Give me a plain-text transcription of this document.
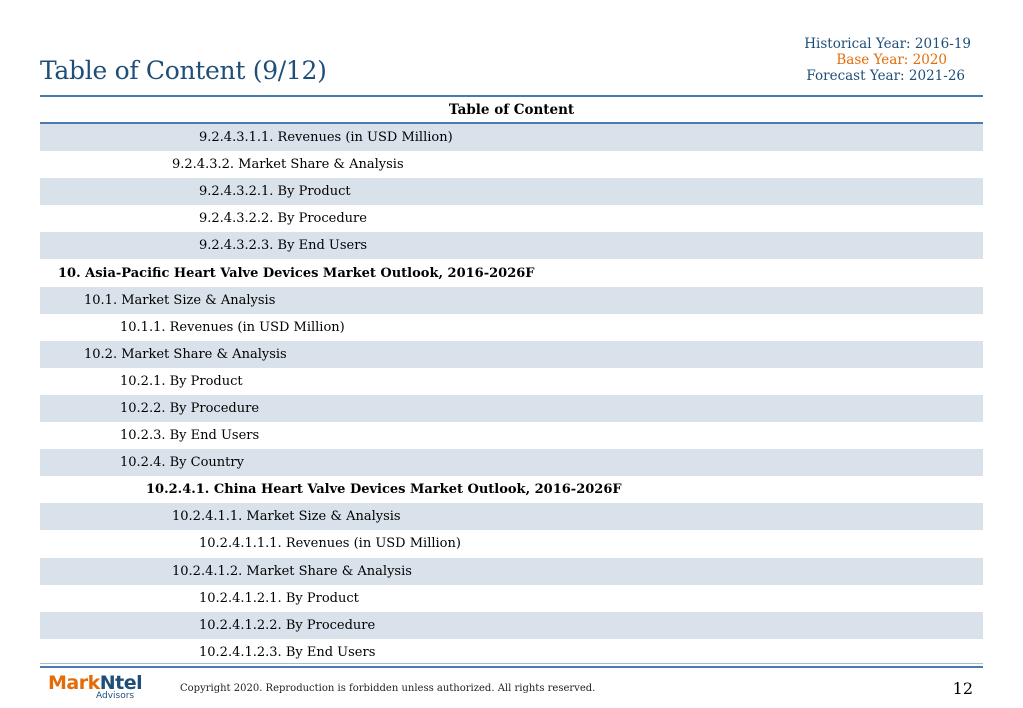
Table of Content (9/12)
Historical Year: 2016-19
Base Year: 2020
Forecast Year: 2021-26
Table of Content
9.2.4.3.1.1. Revenues (in USD Million)
9.2.4.3.2. Market Share & Analysis
9.2.4.3.2.1. By Product
9.2.4.3.2.2. By Procedure
9.2.4.3.2.3. By End Users
10. Asia-Pacific Heart Valve Devices Market Outlook, 2016-2026F
10.1. Market Size & Analysis
10.1.1. Revenues (in USD Million)
10.2. Market Share & Analysis
10.2.1. By Product
10.2.2. By Procedure
10.2.3. By End Users
10.2.4. By Country
10.2.4.1. China Heart Valve Devices Market Outlook, 2016-2026F
10.2.4.1.1. Market Size & Analysis
10.2.4.1.1.1. Revenues (in USD Million)
10.2.4.1.2. Market Share & Analysis
10.2.4.1.2.1. By Product
10.2.4.1.2.2. By Procedure
10.2.4.1.2.3. By End Users
MarkNtel
Advisors
Copyright 2020. Reproduction is forbidden unless authorized. All rights reserved.	12
